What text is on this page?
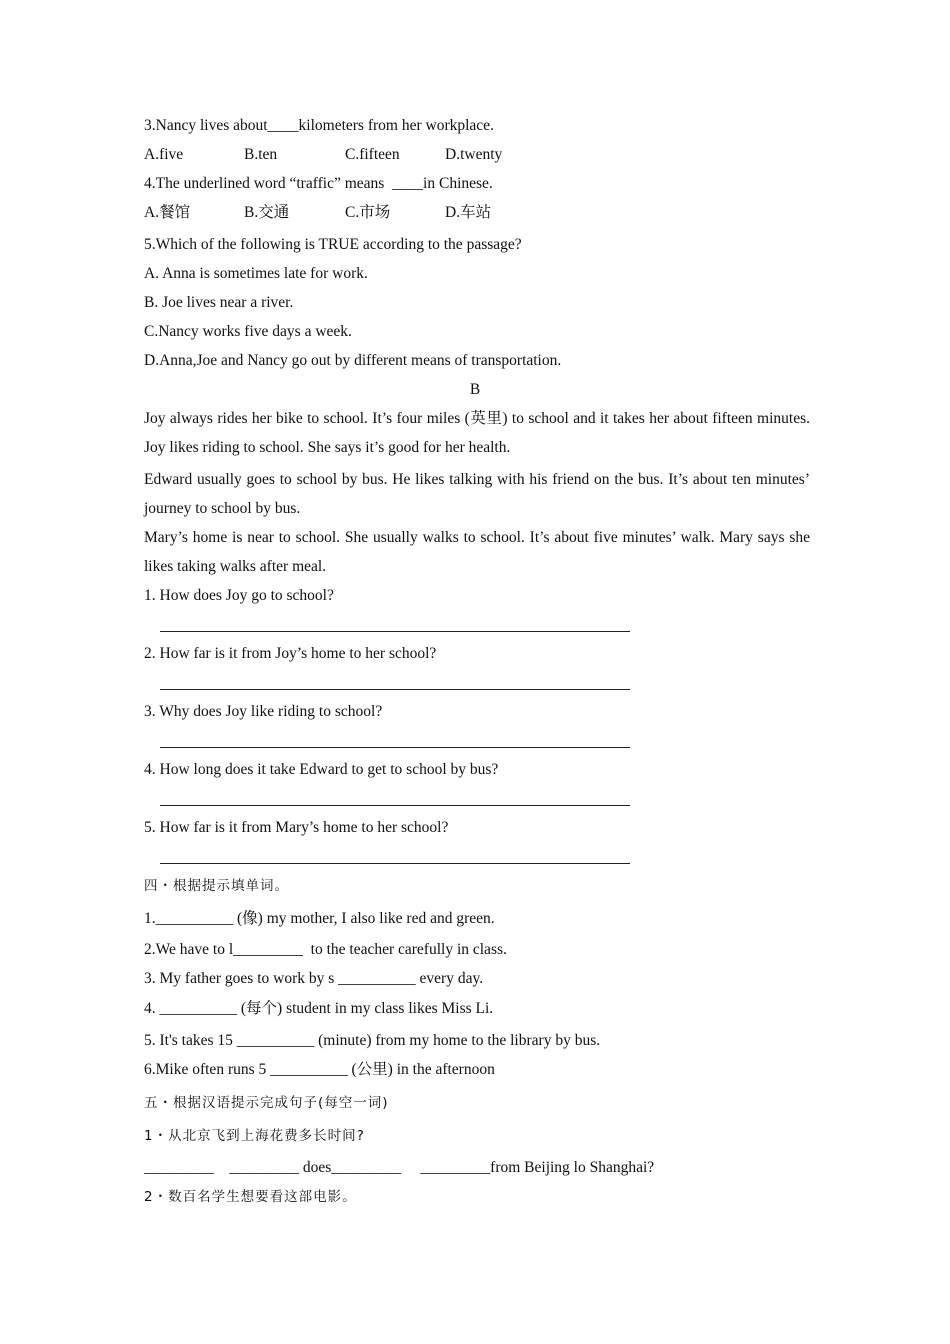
3.Nancy lives about____kilometers from her workplace.
A.five	B.ten	C.fifteen	D.twenty
4.The underlined word “traffic” means  ____in Chinese.
A.餐馆	B.交通	C.市场	D.车站
5.Which of the following is TRUE according to the passage?
A. Anna is sometimes late for work.
B. Joe lives near a river.
C.Nancy works five days a week.
D.Anna,Joe and Nancy go out by different means of transportation.
B
Joy always rides her bike to school. It’s four miles (英里) to school and it takes her about fifteen minutes. Joy likes riding to school. She says it’s good for her health.
Edward usually goes to school by bus. He likes talking with his friend on the bus. It’s about ten minutes’ journey to school by bus.
Mary’s home is near to school. She usually walks to school. It’s about five minutes’ walk. Mary says she likes taking walks after meal.
1. How does Joy go to school?
2. How far is it from Joy’s home to her school?
3. Why does Joy like riding to school?
4. How long does it take Edward to get to school by bus?
5. How far is it from Mary’s home to her school?
四・根据提示填单词。
1.__________ (像) my mother, I also like red and green.
2.We have to l_________  to the teacher carefully in class.
3. My father goes to work by s __________ every day.
4. __________ (每个) student in my class likes Miss Li.
5. It's takes 15 __________ (minute) from my home to the library by bus.
6.Mike often runs 5 __________ (公里) in the afternoon
五・根据汉语提示完成句子(每空一词)
1・从北京飞到上海花费多长时间?
_________    _________ does_________     _________from Beijing lo Shanghai?
2・数百名学生想要看这部电影。
